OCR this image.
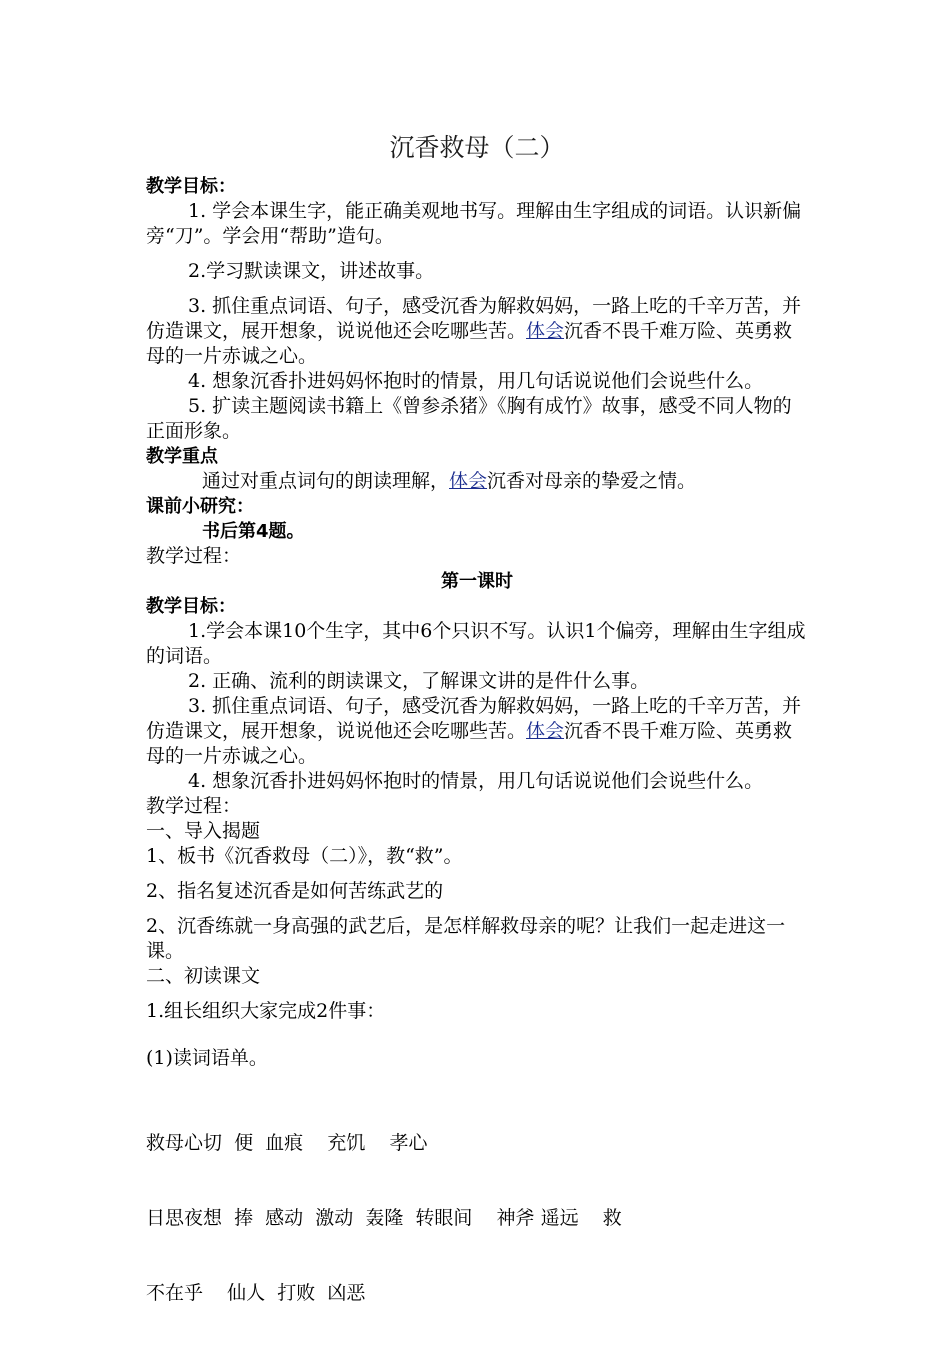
沉香救母（二）

教学目标：

1. 学会本课生字，能正确美观地书写。理解由生字组成的词语。认识新偏旁“刀”。学会用“帮助”造句。

2.学习默读课文，讲述故事。

3. 抓住重点词语、句子，感受沉香为解救妈妈，一路上吃的千辛万苦，并仿造课文，展开想象，说说他还会吃哪些苦。体会沉香不畏千难万险、英勇救母的一片赤诚之心。

4. 想象沉香扑进妈妈怀抱时的情景，用几句话说说他们会说些什么。

5. 扩读主题阅读书籍上《曾参杀猪》《胸有成竹》故事，感受不同人物的正面形象。

教学重点

通过对重点词句的朗读理解，体会沉香对母亲的挚爱之情。

课前小研究：

书后第4题。

教学过程：

第一课时

教学目标：

1.学会本课10个生字，其中6个只识不写。认识1个偏旁，理解由生字组成的词语。

2. 正确、流利的朗读课文，了解课文讲的是件什么事。

3. 抓住重点词语、句子，感受沉香为解救妈妈，一路上吃的千辛万苦，并仿造课文，展开想象，说说他还会吃哪些苦。体会沉香不畏千难万险、英勇救母的一片赤诚之心。

4. 想象沉香扑进妈妈怀抱时的情景，用几句话说说他们会说些什么。

教学过程：

一、导入揭题

1、板书《沉香救母（二）》，教“救”。

2、指名复述沉香是如何苦练武艺的

2、沉香练就一身高强的武艺后，是怎样解救母亲的呢？让我们一起走进这一课。

二、初读课文

1.组长组织大家完成2件事：

(1)读词语单。

救母心切  便  血痕    充饥    孝心

日思夜想  捧  感动  激动  轰隆  转眼间    神斧 遥远    救

不在乎    仙人  打败  凶恶
